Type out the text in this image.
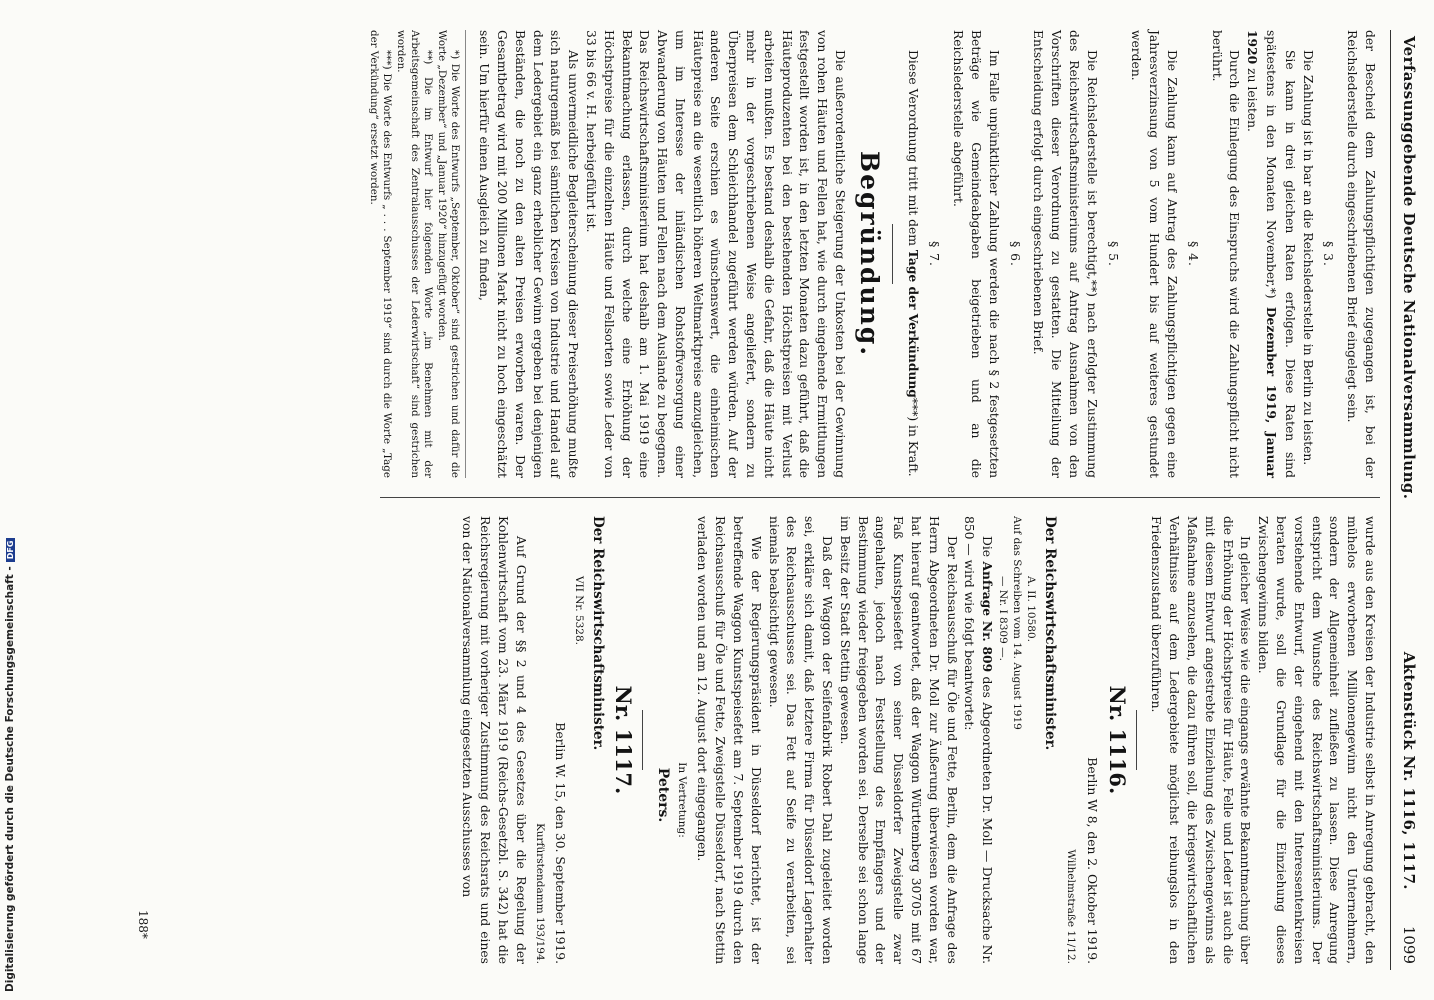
Verfassunggebende Deutsche Nationalversammlung.
Aktenstück Nr. 1116, 1117.
1099

der Bescheid dem Zahlungspflichtigen zugegangen ist, bei der Reichslederstelle durch eingeschriebenen Brief eingelegt sein.

§ 3.

Die Zahlung ist in bar an die Reichslederstelle in Berlin zu leisten.

Sie kann in drei gleichen Raten erfolgen. Diese Raten sind spätestens in den Monaten November,*) Dezember 1919, Januar 1920 zu leisten.

Durch die Einlegung des Einspruchs wird die Zahlungspflicht nicht berührt.

§ 4.

Die Zahlung kann auf Antrag des Zahlungspflichtigen gegen eine Jahresverzinsung von 5 vom Hundert bis auf weiteres gestundet werden.

§ 5.

Die Reichslederstelle ist berechtigt,**) nach erfolgter Zustimmung des Reichswirtschaftsministeriums auf Antrag Ausnahmen von den Vorschriften dieser Verordnung zu gestatten. Die Mitteilung der Entscheidung erfolgt durch eingeschriebenen Brief.

§ 6.

Im Falle unpünktlicher Zahlung werden die nach § 2 festgesetzten Beträge wie Gemeindeabgaben beigetrieben und an die Reichslederstelle abgeführt.

§ 7.

Diese Verordnung tritt mit dem Tage der Verkündung***) in Kraft.

Begründung.

Die außerordentliche Steigerung der Unkosten bei der Gewinnung von rohen Häuten und Fellen hat, wie durch eingehende Ermittlungen festgestellt worden ist, in den letzten Monaten dazu geführt, daß die Häuteproduzenten bei den bestehenden Höchstpreisen mit Verlust arbeiten mußten. Es bestand deshalb die Gefahr, daß die Häute nicht mehr in der vorgeschriebenen Weise angeliefert, sondern zu Überpreisen dem Schleichhandel zugeführt werden würden. Auf der anderen Seite erschien es wünschenswert, die einheimischen Häutepreise an die wesentlich höheren Weltmarktpreise anzugleichen, um im Interesse der inländischen Rohstoffversorgung einer Abwanderung von Häuten und Fellen nach dem Auslande zu begegnen. Das Reichswirtschaftsministerium hat deshalb am 1. Mai 1919 eine Bekanntmachung erlassen, durch welche eine Erhöhung der Höchstpreise für die einzelnen Häute und Fellsorten sowie Leder von 33 bis 66 v. H. herbeigeführt ist.

Als unvermeidliche Begleiterscheinung dieser Preiserhöhung mußte sich naturgemäß bei sämtlichen Kreisen von Industrie und Handel auf dem Ledergebiet ein ganz erheblicher Gewinn ergeben bei denjenigen Beständen, die noch zu den alten Preisen erworben waren. Der Gesamtbetrag wird mit 200 Millionen Mark nicht zu hoch eingeschätzt sein. Um hierfür einen Ausgleich zu finden,

*) Die Worte des Entwurfs „September, Oktober“ sind gestrichen und dafür die Worte „Dezember“ und „Januar 1920“ hinzugefügt worden.

**) Die im Entwurf hier folgenden Worte „im Benehmen mit der Arbeitsgemeinschaft des Zentralausschusses der Lederwirtschaft“ sind gestrichen worden.

***) Die Worte des Entwurfs „ . . . September 1919“ sind durch die Worte „Tage der Verkündung“ ersetzt worden.

wurde aus den Kreisen der Industrie selbst in Anregung gebracht, den mühelos erworbenen Millionengewinn nicht den Unternehmern, sondern der Allgemeinheit zufließen zu lassen. Diese Anregung entspricht dem Wunsche des Reichswirtschaftsministeriums. Der vorstehende Entwurf, der eingehend mit den Interessentenkreisen beraten wurde, soll die Grundlage für die Einziehung dieses Zwischengewinns bilden.

In gleicher Weise wie die eingangs erwähnte Bekanntmachung über die Erhöhung der Höchstpreise für Häute, Felle und Leder ist auch die mit diesem Entwurf angestrebte Einziehung des Zwischengewinns als Maßnahme anzusehen, die dazu führen soll, die kriegswirtschaftlichen Verhältnisse auf dem Ledergebiete möglichst reibungslos in den Friedenszustand überzuführen.

Nr. 1116.

Berlin W 8, den 2. Oktober 1919.

Wilhelmstraße 11/12.

Der Reichswirtschaftsminister.

A. II. 10580.

Auf das Schreiben vom 14. August 1919

— Nr. I 8309 —.

Die Anfrage Nr. 809 des Abgeordneten Dr. Moll — Drucksache Nr. 850 — wird wie folgt beantwortet:

Der Reichsausschuß für Öle und Fette, Berlin, dem die Anfrage des Herrn Abgeordneten Dr. Moll zur Äußerung überwiesen worden war, hat hierauf geantwortet, daß der Waggon Württemberg 30705 mit 67 Faß Kunstspeisefett von seiner Düsseldorfer Zweigstelle zwar angehalten, jedoch nach Feststellung des Empfängers und der Bestimmung wieder freigegeben worden sei. Derselbe sei schon lange im Besitz der Stadt Stettin gewesen.

Daß der Waggon der Seifenfabrik Robert Dahl zugeleitet worden sei, erkläre sich damit, daß letztere Firma für Düsseldorf Lagerhalter des Reichsausschusses sei. Das Fett auf Seife zu verarbeiten, sei niemals beabsichtigt gewesen.

Wie der Regierungspräsident in Düsseldorf berichtet, ist der betreffende Waggon Kunstspeisefett am 7. September 1919 durch den Reichsausschuß für Öle und Fette, Zweigstelle Düsseldorf, nach Stettin verladen worden und am 12. August dort eingegangen.

In Vertretung:

Peters.

Nr. 1117.

Der Reichswirtschaftsminister.

VII Nr. 5328.

Berlin W. 15, den 30. September 1919.

Kurfürstendamm 193/194.

Auf Grund der §§ 2 und 4 des Gesetzes über die Regelung der Kohlenwirtschaft vom 23. März 1919 (Reichs-Gesetzbl. S. 342) hat die Reichsregierung mit vorheriger Zustimmung des Reichsrats und eines von der Nationalversammlung eingesetzten Ausschusses von

188*
Digitalisierung gefördert durch die Deutsche Forschungsgemeinschaft -
DFG
